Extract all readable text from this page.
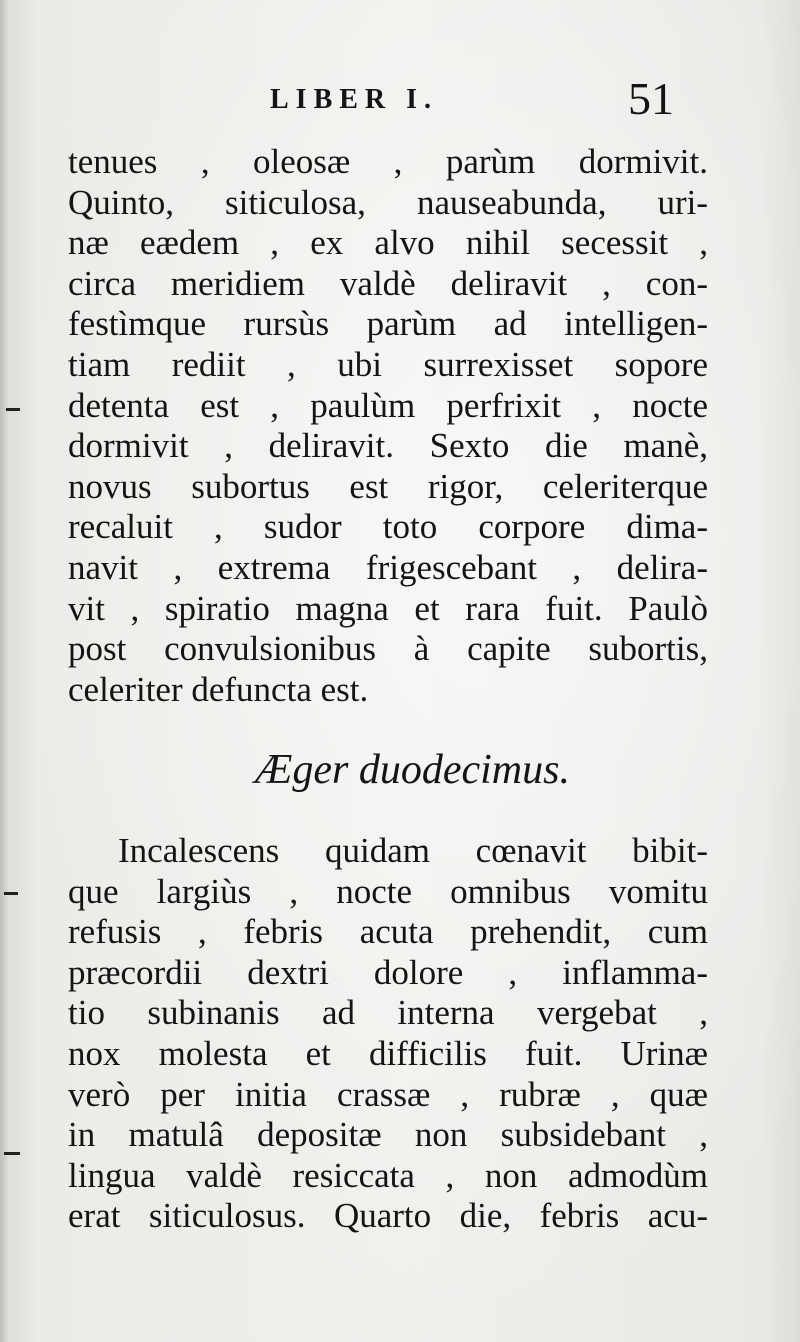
LIBER I.	51
tenues , oleosæ , parùm dormivit.
Quinto, siticulosa, nauseabunda, uri-
næ eædem , ex alvo nihil secessit ,
circa meridiem valdè deliravit , con-
festìmque rursùs parùm ad intelligen-
tiam rediit , ubi surrexisset sopore
detenta est , paulùm perfrixit , nocte
dormivit , deliravit. Sexto die manè,
novus subortus est rigor, celeriterque
recaluit , sudor toto corpore dima-
navit , extrema frigescebant , delira-
vit , spiratio magna et rara fuit. Paulò
post convulsionibus à capite subortis,
celeriter defuncta est.
Æger duodecimus.
Incalescens quidam cœnavit bibit-
que largiùs , nocte omnibus vomitu
refusis , febris acuta prehendit, cum
præcordii dextri dolore , inflamma-
tio subinanis ad interna vergebat ,
nox molesta et difficilis fuit. Urinæ
verò per initia crassæ , rubræ , quæ
in matulâ depositæ non subsidebant ,
lingua valdè resiccata , non admodùm
erat siticulosus. Quarto die, febris acu-
